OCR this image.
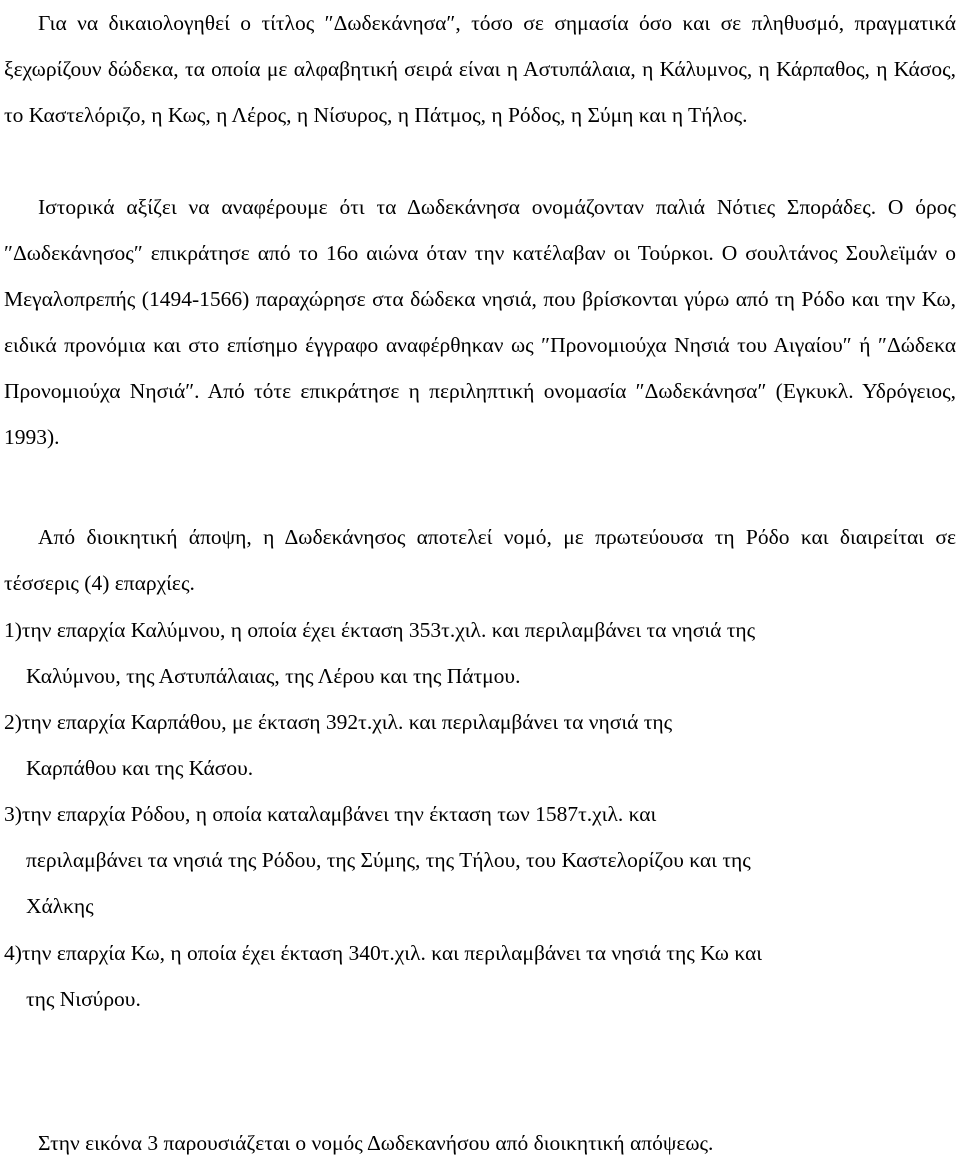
Για να δικαιολογηθεί ο τίτλος ″Δωδεκάνησα″, τόσο σε σημασία όσο και σε πληθυσμό, πραγματικά ξεχωρίζουν δώδεκα, τα οποία με αλφαβητική σειρά είναι η Αστυπάλαια, η Κάλυμνος, η Κάρπαθος, η Κάσος, το Καστελόριζο, η Κως, η Λέρος, η Νίσυρος, η Πάτμος, η Ρόδος, η Σύμη και η Τήλος.

Ιστορικά αξίζει να αναφέρουμε ότι τα Δωδεκάνησα ονομάζονταν παλιά Νότιες Σποράδες. Ο όρος ″Δωδεκάνησος″ επικράτησε από το 16ο αιώνα όταν την κατέλαβαν οι Τούρκοι. Ο σουλτάνος Σουλεϊμάν ο Μεγαλοπρεπής (1494-1566) παραχώρησε στα δώδεκα νησιά, που βρίσκονται γύρω από τη Ρόδο και την Κω, ειδικά προνόμια και στο επίσημο έγγραφο αναφέρθηκαν ως ″Προνομιούχα Νησιά του Αιγαίου″ ή ″Δώδεκα Προνομιούχα Νησιά″. Από τότε επικράτησε η περιληπτική ονομασία ″Δωδεκάνησα″ (Εγκυκλ. Υδρόγειος, 1993).

Από διοικητική άποψη, η Δωδεκάνησος αποτελεί νομό, με πρωτεύουσα τη Ρόδο και διαιρείται σε τέσσερις (4) επαρχίες.

1)την επαρχία Καλύμνου, η οποία έχει έκταση 353τ.χιλ. και περιλαμβάνει τα νησιά της
Καλύμνου, της Αστυπάλαιας, της Λέρου και της Πάτμου.
2)την επαρχία Καρπάθου, με έκταση 392τ.χιλ. και περιλαμβάνει τα νησιά της
Καρπάθου και της Κάσου.
3)την επαρχία Ρόδου, η οποία καταλαμβάνει την έκταση των 1587τ.χιλ. και
περιλαμβάνει τα νησιά της Ρόδου, της Σύμης, της Τήλου, του Καστελορίζου και της
Χάλκης
4)την επαρχία Κω, η οποία έχει έκταση 340τ.χιλ. και περιλαμβάνει τα νησιά της Κω και
της Νισύρου.

Στην εικόνα 3 παρουσιάζεται ο νομός Δωδεκανήσου από διοικητική απόψεως.
